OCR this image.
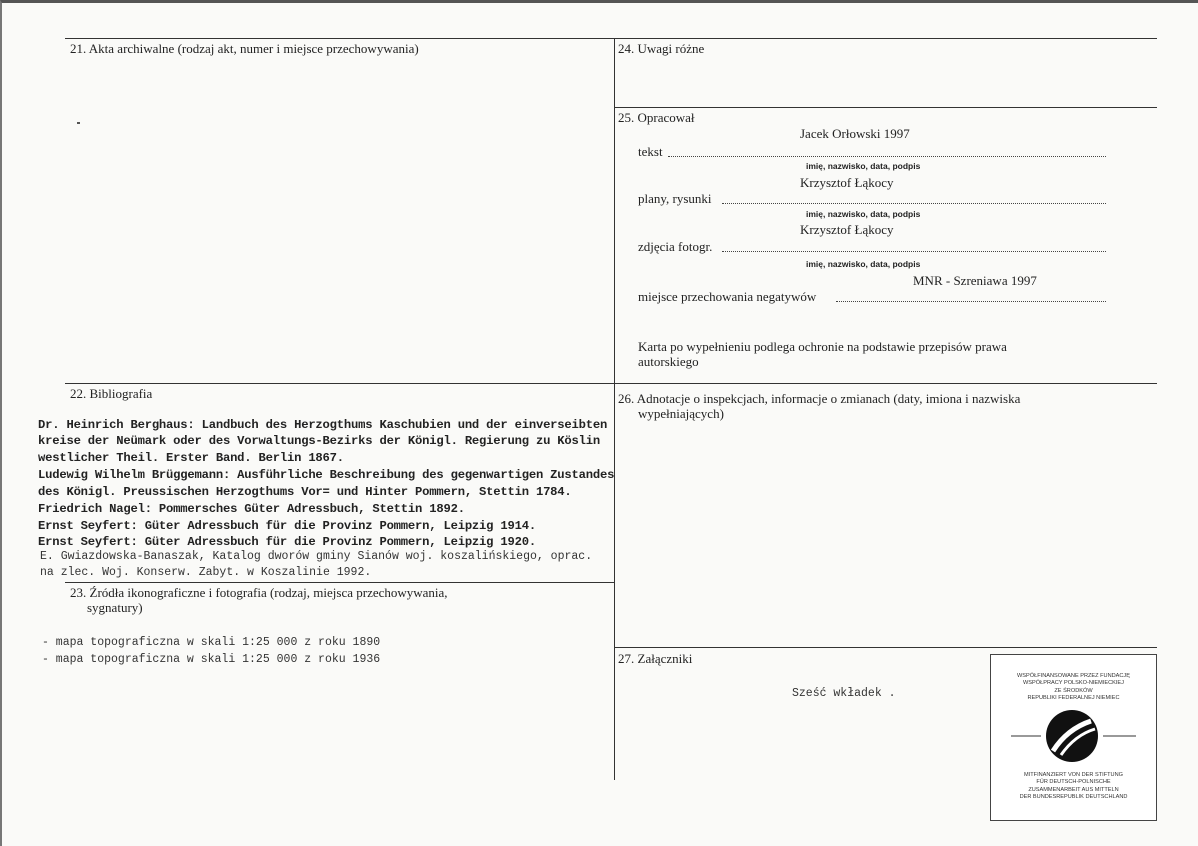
21. Akta archiwalne (rodzaj akt, numer i miejsce przechowywania)	24. Uwagi różne
25. Opracował
Jacek Orłowski 1997
tekst
imię, nazwisko, data, podpis
Krzysztof Łąkocy
plany, rysunki
imię, nazwisko, data, podpis
Krzysztof Łąkocy
zdjęcia fotogr.
imię, nazwisko, data, podpis
MNR - Szreniawa 1997
miejsce przechowania negatywów
Karta po wypełnieniu podlega ochronie na podstawie przepisów prawa autorskiego
22. Bibliografia
Dr. Heinrich Berghaus: Landbuch des Herzogthums Kaschubien und der einverseibten
kreise der Neümark oder des Vorwaltungs-Bezirks der Königl. Regierung zu Köslin
westlicher Theil. Erster Band. Berlin 1867.
Ludewig Wilhelm Brüggemann: Ausführliche Beschreibung des gegenwartigen Zustandes
des Königl. Preussischen Herzogthums Vor= und Hinter Pommern, Stettin 1784.
Friedrich Nagel: Pommersches Güter Adressbuch, Stettin 1892.
Ernst Seyfert: Güter Adressbuch für die Provinz Pommern, Leipzig 1914.
Ernst Seyfert: Güter Adressbuch für die Provinz Pommern, Leipzig 1920.
E. Gwiazdowska-Banaszak, Katalog dworów gminy Sianów woj. koszalińskiego, oprac.
na zlec. Woj. Konserw. Zabyt. w Koszalinie 1992.
23. Źródła ikonograficzne i fotografia (rodzaj, miejsca przechowywania,
sygnatury)
- mapa topograficzna w skali 1:25 000 z roku 1890
- mapa topograficzna w skali 1:25 000 z roku 1936
26. Adnotacje o inspekcjach, informacje o zmianach (daty, imiona i nazwiska
wypełniających)
27. Załączniki
Sześć wkładek .
WSPÓŁFINANSOWANE PRZEZ FUNDACJĘ
WSPÓŁPRACY POLSKO-NIEMIECKIEJ
ZE ŚRODKÓW
REPUBLIKI FEDERALNEJ NIEMIEC
MITFINANZIERT VON DER STIFTUNG
FÜR DEUTSCH-POLNISCHE
ZUSAMMENARBEIT AUS MITTELN
DER BUNDESREPUBLIK DEUTSCHLAND
